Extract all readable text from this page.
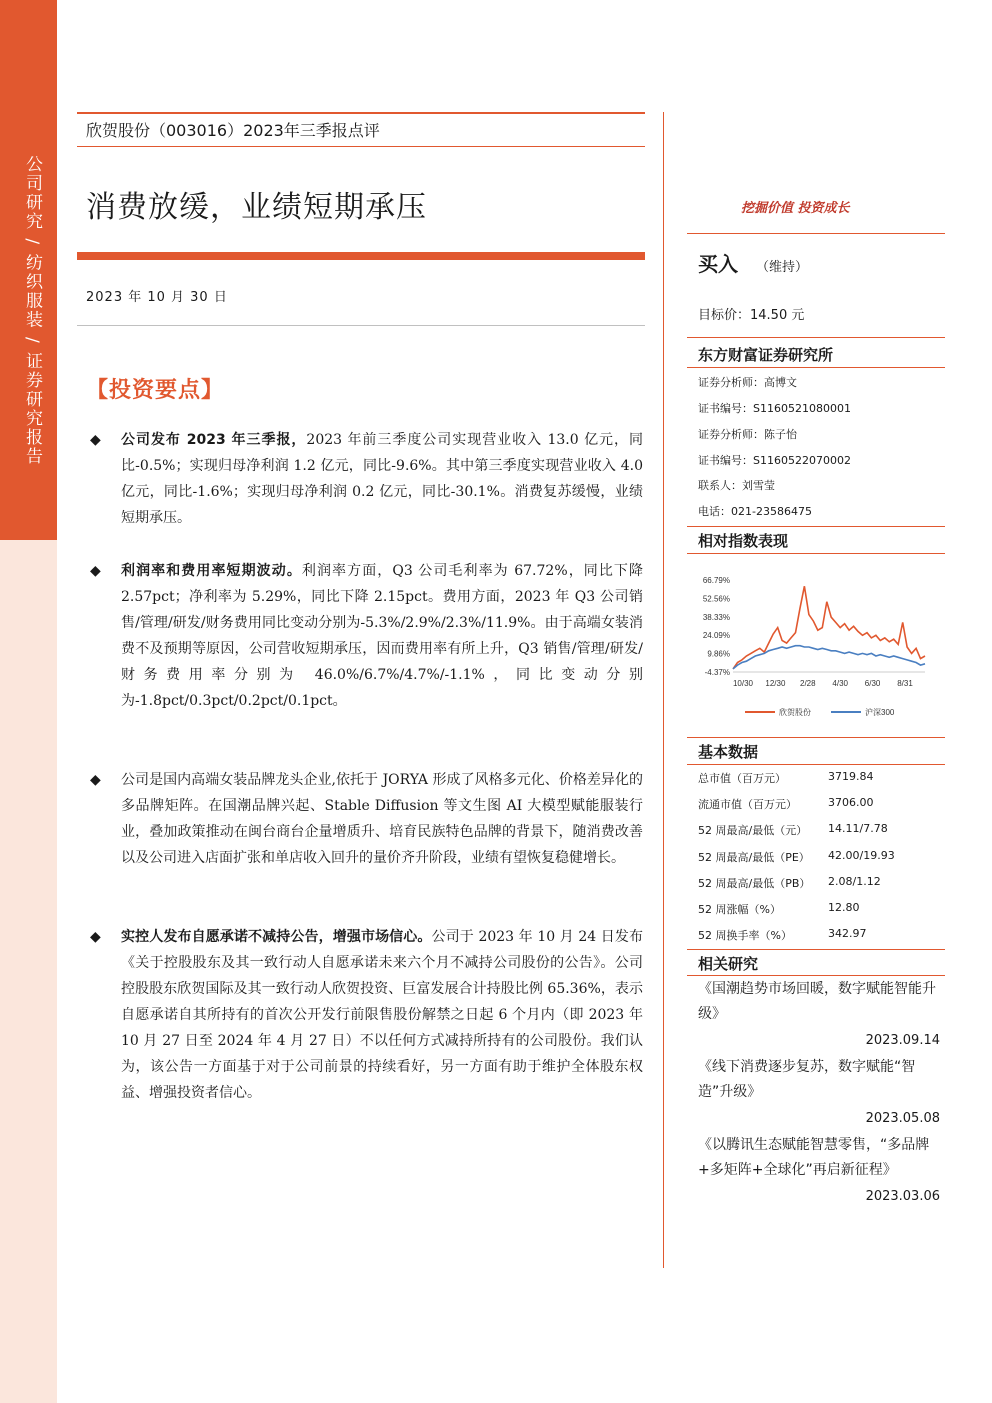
公司研究 / 纺织服装 / 证券研究报告
欣贺股份（003016）2023年三季报点评
消费放缓，业绩短期承压
2023 年 10 月 30 日
【投资要点】
◆ 公司发布 2023 年三季报，2023 年前三季度公司实现营业收入 13.0 亿元，同比-0.5%；实现归母净利润 1.2 亿元，同比-9.6%。其中第三季度实现营业收入 4.0 亿元，同比-1.6%；实现归母净利润 0.2 亿元，同比-30.1%。消费复苏缓慢，业绩短期承压。
◆ 利润率和费用率短期波动。利润率方面，Q3 公司毛利率为 67.72%，同比下降 2.57pct；净利率为 5.29%，同比下降 2.15pct。费用方面，2023 年 Q3 公司销售/管理/研发/财务费用同比变动分别为-5.3%/2.9%/2.3%/11.9%。由于高端女装消费不及预期等原因，公司营收短期承压，因而费用率有所上升，Q3 销售/管理/研发/财务费用率分别为 46.0%/6.7%/4.7%/-1.1%，同比变动分别为-1.8pct/0.3pct/0.2pct/0.1pct。
◆ 公司是国内高端女装品牌龙头企业,依托于 JORYA 形成了风格多元化、价格差异化的多品牌矩阵。在国潮品牌兴起、Stable Diffusion 等文生图 AI 大模型赋能服装行业，叠加政策推动在闽台商台企量增质升、培育民族特色品牌的背景下，随消费改善以及公司进入店面扩张和单店收入回升的量价齐升阶段，业绩有望恢复稳健增长。
◆ 实控人发布自愿承诺不减持公告，增强市场信心。公司于 2023 年 10 月 24 日发布《关于控股股东及其一致行动人自愿承诺未来六个月不减持公司股份的公告》。公司控股股东欣贺国际及其一致行动人欣贺投资、巨富发展合计持股比例 65.36%，表示自愿承诺自其所持有的首次公开发行前限售股份解禁之日起 6 个月内（即 2023 年 10 月 27 日至 2024 年 4 月 27 日）不以任何方式减持所持有的公司股份。我们认为，该公告一方面基于对于公司前景的持续看好，另一方面有助于维护全体股东权益、增强投资者信心。
挖掘价值 投资成长
买入 （维持）
目标价：14.50 元
东方财富证券研究所
证券分析师：高博文
证书编号：S1160521080001
证券分析师：陈子怡
证书编号：S1160522070002
联系人：刘雪莹
电话：021-23586475
相对指数表现
66.79%
52.56%
38.33%
24.09%
9.86%
-4.37%
10/30 12/30 2/28 4/30 6/30 8/31
欣贺股份	沪深300
基本数据
总市值（百万元）	3719.84
流通市值（百万元）	3706.00
52 周最高/最低（元） 14.11/7.78
52 周最高/最低（PE） 42.00/19.93
52 周最高/最低（PB） 2.08/1.12
52 周涨幅（%）	12.80
52 周换手率（%）	342.97
相关研究
《国潮趋势市场回暖，数字赋能智能升级》
2023.09.14
《线下消费逐步复苏，数字赋能“智造”升级》
2023.05.08
《以腾讯生态赋能智慧零售，“多品牌+多矩阵+全球化”再启新征程》
2023.03.06
